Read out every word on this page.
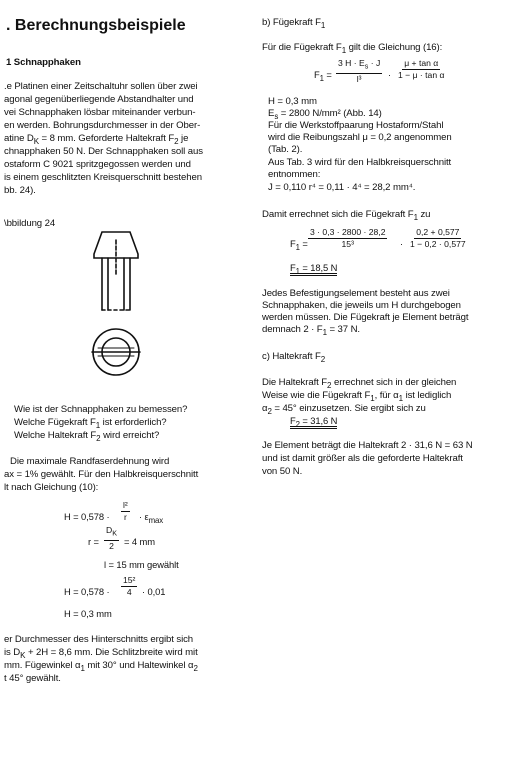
. Berechnungsbeispiele
1 Schnapphaken
.e Platinen einer Zeitschaltuhr sollen über zwei
agonal gegenüberliegende Abstandhalter und
vei Schnapphaken lösbar miteinander verbun-
en werden. Bohrungsdurchmesser in der Ober-
atine $D_K = 8$ mm. Geforderte Haltekraft $F_2$ je
chnapphaken 50 N. Der Schnapphaken soll aus
ostaform C 9021 spritzgegossen werden und
is einem geschlitzten Kreisquerschnitt bestehen
bb. 24).
\bbildung 24
Wie ist der Schnapphaken zu bemessen?
Welche Fügekraft $F_1$ ist erforderlich?
Welche Haltekraft $F_2$ wird erreicht?
Die maximale Randfaserdehnung wird
ax = 1% gewählt. Für den Halbkreisquerschnitt
lt nach Gleichung (10):
$H = 0,578 \cdot \frac{\text{l²}}{r} \cdot \varepsilon_{max}$
$r = \frac{D_K}{2} = 4$ mm
l = 15 mm gewählt
$H = 0,578 \cdot \frac{\text{15²}}{4} \cdot 0,01$
H = 0,3 mm
er Durchmesser des Hinterschnitts ergibt sich
is $D_K + 2H = 8,6$ mm. Die Schlitzbreite wird mit
mm. Fügewinkel $\alpha_1$ mit 30° und Haltewinkel $\alpha_2$
t 45° gewählt.
b) Fügekraft $F_1$
Für die Fügekraft $F_1$ gilt die Gleichung (16):
$F_1 = \frac{3 H \cdot E_s \cdot J}{\text{l³}} \cdot \frac{\text{μ + tan α}}{\text{1 − μ · tan α}}$
H = 0,3 mm
$E_s = 2800$ N/mm² (Abb. 14)
Für die Werkstoffpaarung Hostaform/Stahl
wird die Reibungszahl μ = 0,2 angenommen
(Tab. 2).
Aus Tab. 3 wird für den Halbkreisquerschnitt
entnommen:
J = 0,110 r⁴ = 0,11 · 4⁴ = 28,2 mm⁴.
Damit errechnet sich die Fügekraft $F_1$ zu
$F_1 = \frac{3 \cdot 0,3 \cdot 2800 \cdot 28,2}{\text{15³}} \cdot \frac{0,2 + 0,577}{1 - 0,2 \cdot 0,577}$
$F_1 = 18,5$ N
Jedes Befestigungselement besteht aus zwei
Schnapphaken, die jeweils um H durchgebogen
werden müssen. Die Fügekraft je Element beträgt
demnach $2 \cdot F_1 = 37$ N.
c) Haltekraft $F_2$
Die Haltekraft $F_2$ errechnet sich in der gleichen
Weise wie die Fügekraft $F_1$, für $\alpha_1$ ist lediglich
$\alpha_2 = 45^\circ$ einzusetzen. Sie ergibt sich zu
$F_2 = 31,6$ N
Je Element beträgt die Haltekraft 2 · 31,6 N = 63 N
und ist damit größer als die geforderte Haltekraft
von 50 N.
